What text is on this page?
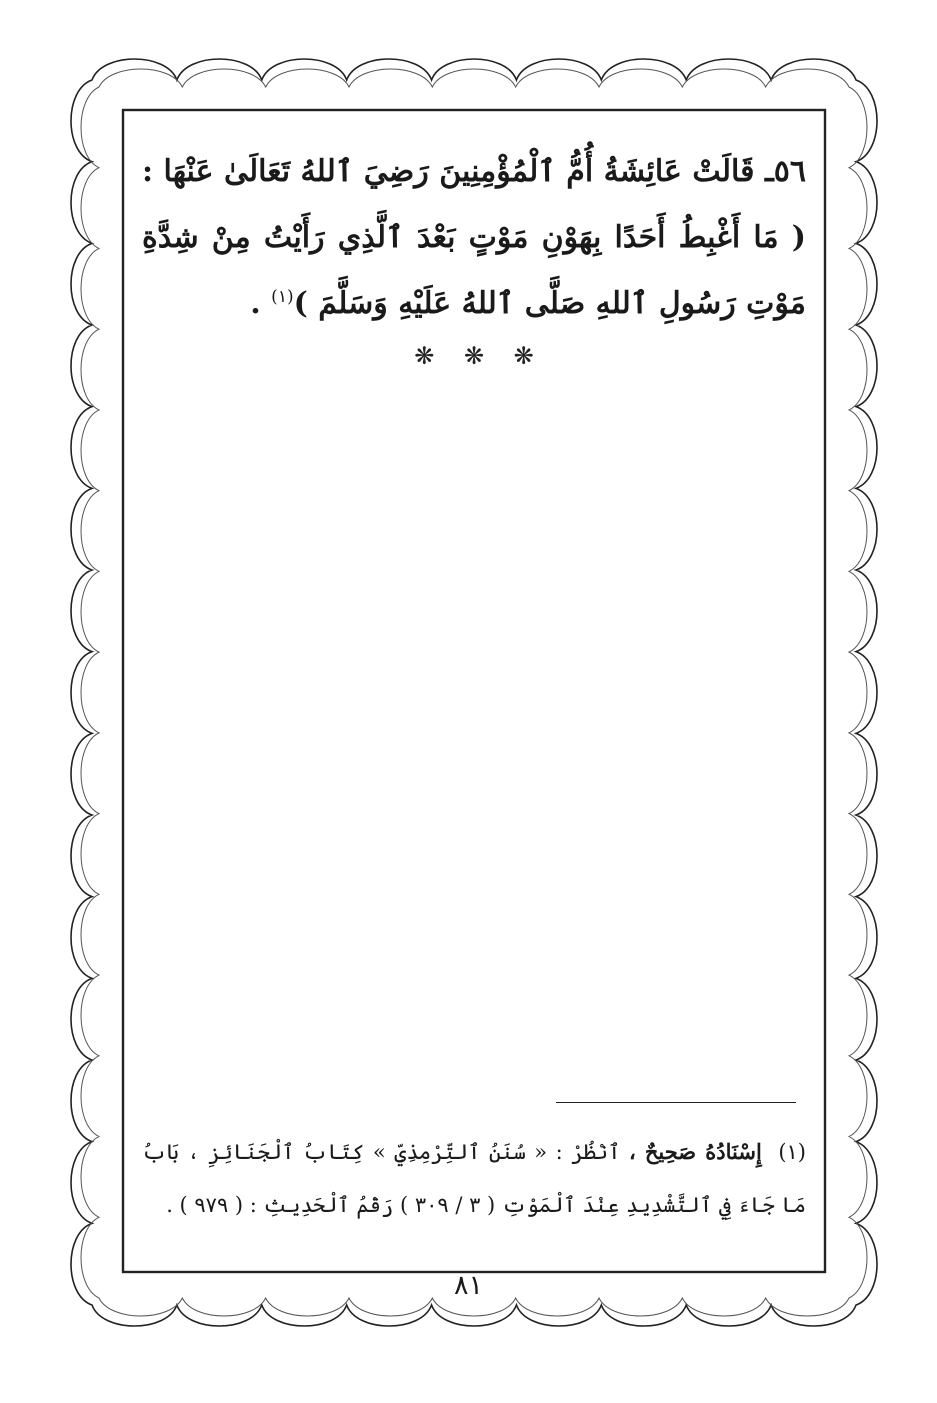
٥٦ـ قَالَتْ عَائِشَةُ أُمُّ ٱلْمُؤْمِنِينَ رَضِيَ ٱللهُ تَعَالَىٰ عَنْهَا : ( مَا أَغْبِطُ أَحَدًا بِهَوْنِ مَوْتٍ بَعْدَ ٱلَّذِي رَأَيْتُ مِنْ شِدَّةِ مَوْتِ رَسُولِ ٱللهِ صَلَّى ٱللهُ عَلَيْهِ وَسَلَّمَ )$^{(١)}$ .
❋ ❋ ❋
(١) إِسْنَادُهُ صَحِيحٌ ، ٱنْظُرْ : « سُنَنُ ٱلتِّرْمِذِيِّ » كِتَابُ ٱلْجَنَائِزِ ، بَابُ مَا جَاءَ فِي ٱلتَّشْدِيدِ عِنْدَ ٱلْمَوْتِ ( ٣ / ٣٠٩ ) رَقْمُ ٱلْحَدِيثِ : ( ٩٧٩ ) .
٨١
